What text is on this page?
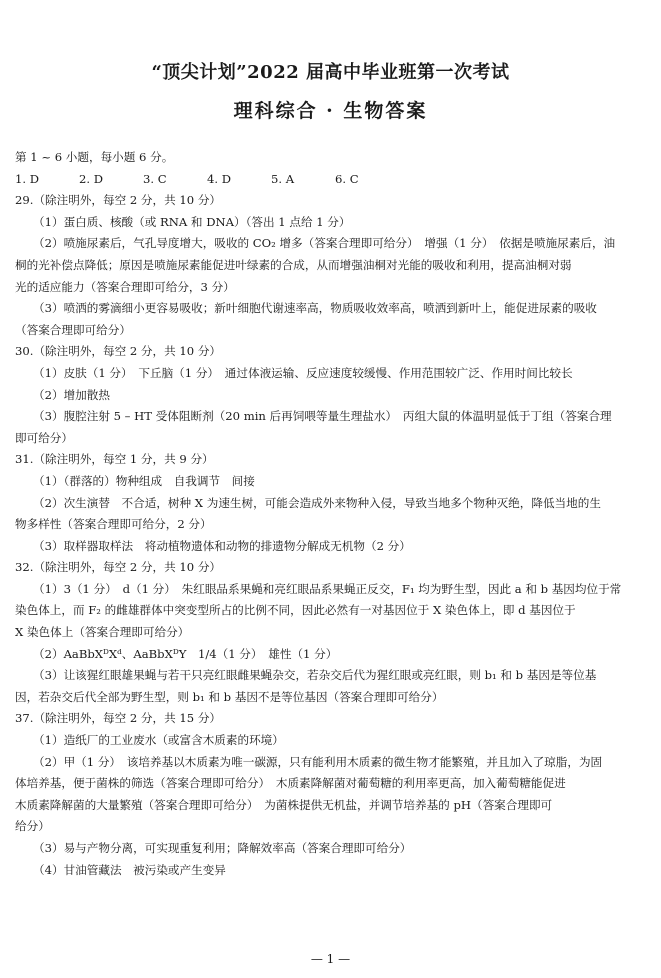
“顶尖计划”2022 届高中毕业班第一次考试
理科综合 · 生物答案
第 1 ~ 6 小题，每小题 6 分。
1. D	2. D	3. C	4. D	5. A	6. C
29.（除注明外，每空 2 分，共 10 分）
（1）蛋白质、核酸（或 RNA 和 DNA）（答出 1 点给 1 分）
（2）喷施尿素后，气孔导度增大，吸收的 CO₂ 增多（答案合理即可给分）　增强（1 分）　依据是喷施尿素后，油
桐的光补偿点降低；原因是喷施尿素能促进叶绿素的合成，从而增强油桐对光能的吸收和利用，提高油桐对弱
光的适应能力（答案合理即可给分，3 分）
（3）喷洒的雾滴细小更容易吸收；新叶细胞代谢速率高，物质吸收效率高，喷洒到新叶上，能促进尿素的吸收
（答案合理即可给分）
30.（除注明外，每空 2 分，共 10 分）
（1）皮肤（1 分）　下丘脑（1 分）　通过体液运输、反应速度较缓慢、作用范围较广泛、作用时间比较长
（2）增加散热
（3）腹腔注射 5 – HT 受体阻断剂（20 min 后再饲喂等量生理盐水）　丙组大鼠的体温明显低于丁组（答案合理
即可给分）
31.（除注明外，每空 1 分，共 9 分）
（1）（群落的）物种组成　自我调节　间接
（2）次生演替　不合适，树种 X 为速生树，可能会造成外来物种入侵，导致当地多个物种灭绝，降低当地的生
物多样性（答案合理即可给分，2 分）
（3）取样器取样法　将动植物遗体和动物的排遗物分解成无机物（2 分）
32.（除注明外，每空 2 分，共 10 分）
（1）3（1 分）　d（1 分）　朱红眼品系果蝇和亮红眼品系果蝇正反交，F₁ 均为野生型，因此 a 和 b 基因均位于常
染色体上，而 F₂ 的雌雄群体中突变型所占的比例不同，因此必然有一对基因位于 X 染色体上，即 d 基因位于
X 染色体上（答案合理即可给分）
（2）AaBbXᴰXᵈ、AaBbXᴰY　1/4（1 分）　雄性（1 分）
（3）让该猩红眼雄果蝇与若干只亮红眼雌果蝇杂交，若杂交后代为猩红眼或亮红眼，则 b₁ 和 b 基因是等位基
因，若杂交后代全部为野生型，则 b₁ 和 b 基因不是等位基因（答案合理即可给分）
37.（除注明外，每空 2 分，共 15 分）
（1）造纸厂的工业废水（或富含木质素的环境）
（2）甲（1 分）　该培养基以木质素为唯一碳源，只有能利用木质素的微生物才能繁殖，并且加入了琼脂，为固
体培养基，便于菌株的筛选（答案合理即可给分）　木质素降解菌对葡萄糖的利用率更高，加入葡萄糖能促进
木质素降解菌的大量繁殖（答案合理即可给分）　为菌株提供无机盐，并调节培养基的 pH（答案合理即可
给分）
（3）易与产物分离，可实现重复利用；降解效率高（答案合理即可给分）
（4）甘油管藏法　被污染或产生变异
— 1 —
